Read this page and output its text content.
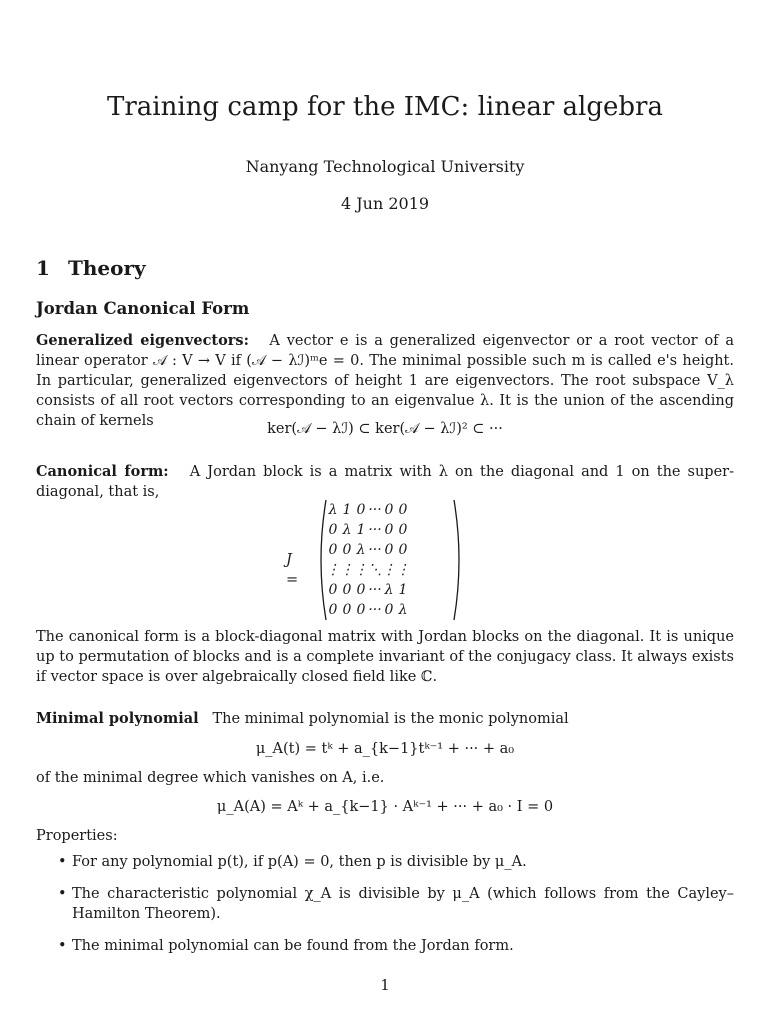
Training camp for the IMC: linear algebra
Nanyang Technological University
4 Jun 2019
1 Theory
Jordan Canonical Form
Generalized eigenvectors: A vector e is a generalized eigenvector or a root vector of a linear operator 𝒜 : V → V if (𝒜 − λℐ)ᵐe = 0. The minimal possible such m is called e's height. In particular, generalized eigenvectors of height 1 are eigenvectors. The root subspace V_λ consists of all root vectors corresponding to an eigenvalue λ. It is the union of the ascending chain of kernels	ker(𝒜 − λℐ) ⊂ ker(𝒜 − λℐ)² ⊂ ···
Canonical form: A Jordan block is a matrix with λ on the diagonal and 1 on the super-diagonal, that is,
J =
λ	1	0	···	0	0
0	λ	1	···	0	0
0	0	λ	···	0	0
⋮	⋮	⋮	⋱	⋮	⋮
0	0	0	···	λ	1
0	0	0	···	0	λ
The canonical form is a block-diagonal matrix with Jordan blocks on the diagonal. It is unique up to permutation of blocks and is a complete invariant of the conjugacy class. It always exists if vector space is over algebraically closed field like ℂ.
Minimal polynomial The minimal polynomial is the monic polynomial
μ_A(t) = tᵏ + a_{k−1}tᵏ⁻¹ + ··· + a₀
of the minimal degree which vanishes on A, i.e.
μ_A(A) = Aᵏ + a_{k−1} · Aᵏ⁻¹ + ··· + a₀ · I = 0
Properties:
• For any polynomial p(t), if p(A) = 0, then p is divisible by μ_A.
• The characteristic polynomial χ_A is divisible by μ_A (which follows from the Cayley–Hamilton Theorem).
• The minimal polynomial can be found from the Jordan form.
1
